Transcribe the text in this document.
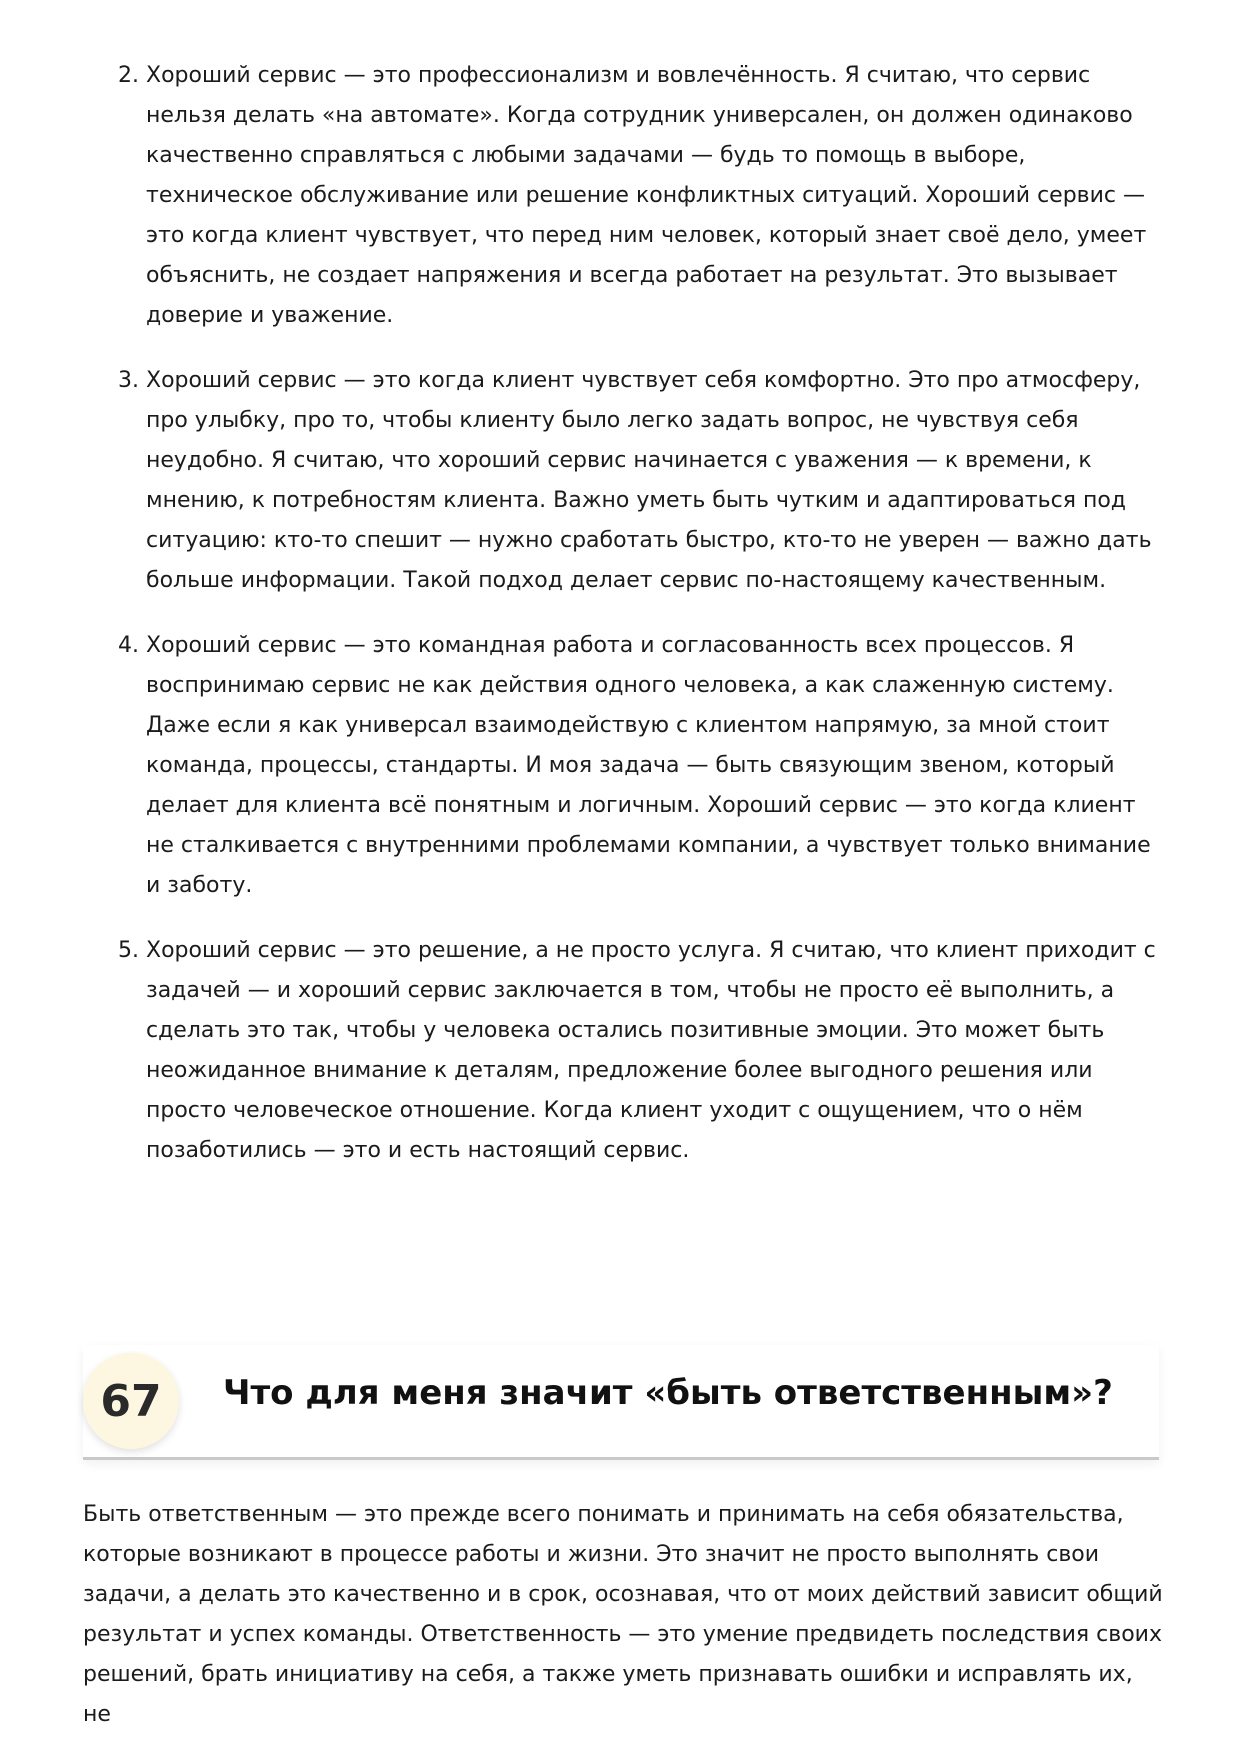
2. Хороший сервис — это профессионализм и вовлечённость. Я считаю, что сервис нельзя делать «на автомате». Когда сотрудник универсален, он должен одинаково качественно справляться с любыми задачами — будь то помощь в выборе, техническое обслуживание или решение конфликтных ситуаций. Хороший сервис — это когда клиент чувствует, что перед ним человек, который знает своё дело, умеет объяснить, не создает напряжения и всегда работает на результат. Это вызывает доверие и уважение.
3. Хороший сервис — это когда клиент чувствует себя комфортно. Это про атмосферу, про улыбку, про то, чтобы клиенту было легко задать вопрос, не чувствуя себя неудобно. Я считаю, что хороший сервис начинается с уважения — к времени, к мнению, к потребностям клиента. Важно уметь быть чутким и адаптироваться под ситуацию: кто-то спешит — нужно сработать быстро, кто-то не уверен — важно дать больше информации. Такой подход делает сервис по-настоящему качественным.
4. Хороший сервис — это командная работа и согласованность всех процессов. Я воспринимаю сервис не как действия одного человека, а как слаженную систему. Даже если я как универсал взаимодействую с клиентом напрямую, за мной стоит команда, процессы, стандарты. И моя задача — быть связующим звеном, который делает для клиента всё понятным и логичным. Хороший сервис — это когда клиент не сталкивается с внутренними проблемами компании, а чувствует только внимание и заботу.
5. Хороший сервис — это решение, а не просто услуга. Я считаю, что клиент приходит с задачей — и хороший сервис заключается в том, чтобы не просто её выполнить, а сделать это так, чтобы у человека остались позитивные эмоции. Это может быть неожиданное внимание к деталям, предложение более выгодного решения или просто человеческое отношение. Когда клиент уходит с ощущением, что о нём позаботились — это и есть настоящий сервис.
67	Что для меня значит «быть ответственным»?

Быть ответственным — это прежде всего понимать и принимать на себя обязательства, которые возникают в процессе работы и жизни. Это значит не просто выполнять свои задачи, а делать это качественно и в срок, осознавая, что от моих действий зависит общий результат и успех команды. Ответственность — это умение предвидеть последствия своих решений, брать инициативу на себя, а также уметь признавать ошибки и исправлять их, не
